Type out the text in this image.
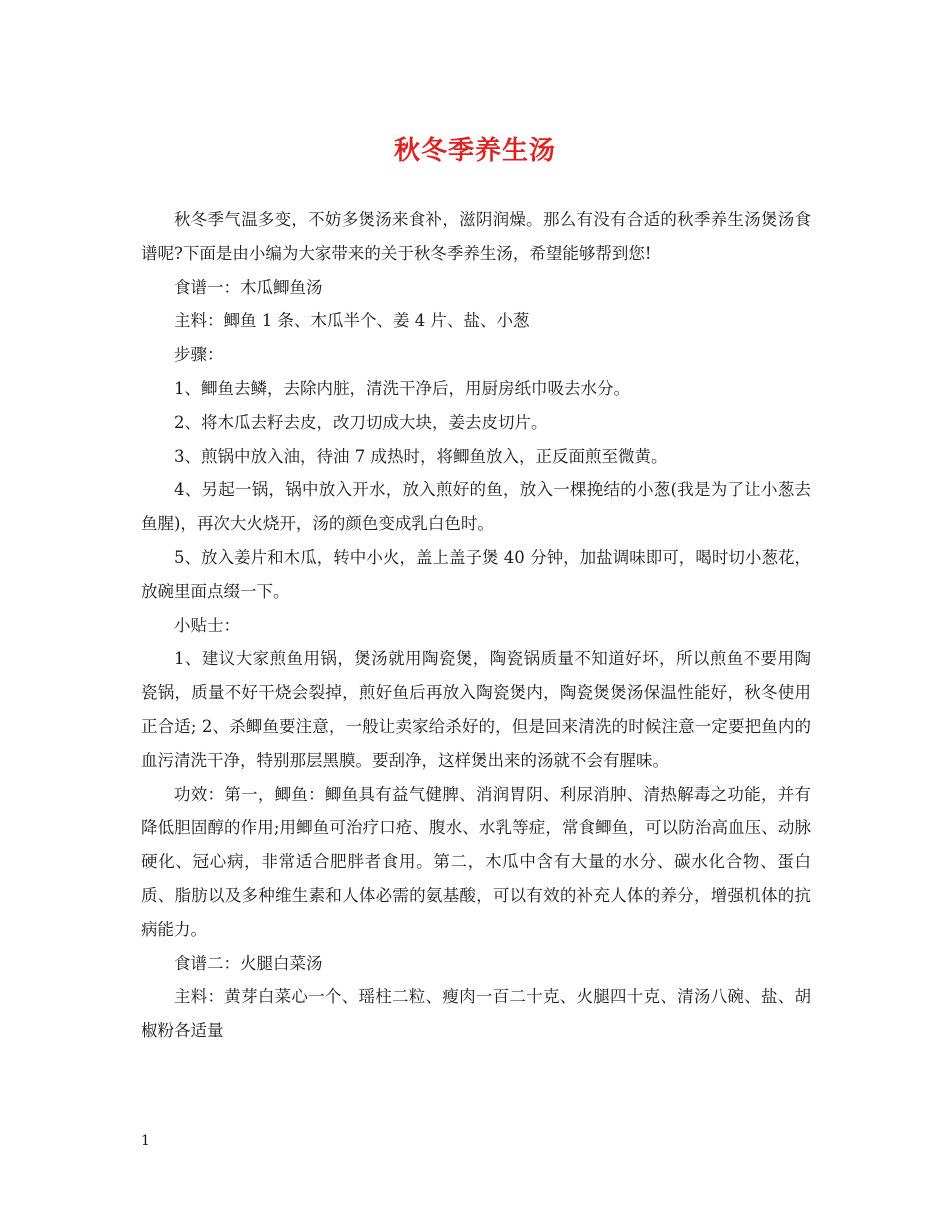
秋冬季养生汤

秋冬季气温多变，不妨多煲汤来食补，滋阴润燥。那么有没有合适的秋季养生汤煲汤食谱呢?下面是由小编为大家带来的关于秋冬季养生汤，希望能够帮到您!

食谱一：木瓜鲫鱼汤

主料：鲫鱼 1 条、木瓜半个、姜 4 片、盐、小葱

步骤：

1、鲫鱼去鳞，去除内脏，清洗干净后，用厨房纸巾吸去水分。

2、将木瓜去籽去皮，改刀切成大块，姜去皮切片。

3、煎锅中放入油，待油 7 成热时，将鲫鱼放入，正反面煎至微黄。

4、另起一锅，锅中放入开水，放入煎好的鱼，放入一棵挽结的小葱(我是为了让小葱去鱼腥)，再次大火烧开，汤的颜色变成乳白色时。

5、放入姜片和木瓜，转中小火，盖上盖子煲 40 分钟，加盐调味即可，喝时切小葱花，放碗里面点缀一下。

小贴士：

1、建议大家煎鱼用锅，煲汤就用陶瓷煲，陶瓷锅质量不知道好坏，所以煎鱼不要用陶瓷锅，质量不好干烧会裂掉，煎好鱼后再放入陶瓷煲内，陶瓷煲煲汤保温性能好，秋冬使用正合适; 2、杀鲫鱼要注意，一般让卖家给杀好的，但是回来清洗的时候注意一定要把鱼内的血污清洗干净，特别那层黑膜。要刮净，这样煲出来的汤就不会有腥味。

功效：第一，鲫鱼：鲫鱼具有益气健脾、消润胃阴、利尿消肿、清热解毒之功能，并有降低胆固醇的作用;用鲫鱼可治疗口疮、腹水、水乳等症，常食鲫鱼，可以防治高血压、动脉硬化、冠心病，非常适合肥胖者食用。第二，木瓜中含有大量的水分、碳水化合物、蛋白质、脂肪以及多种维生素和人体必需的氨基酸，可以有效的补充人体的养分，增强机体的抗病能力。

食谱二：火腿白菜汤

主料：黄芽白菜心一个、瑶柱二粒、瘦肉一百二十克、火腿四十克、清汤八碗、盐、胡椒粉各适量

1
